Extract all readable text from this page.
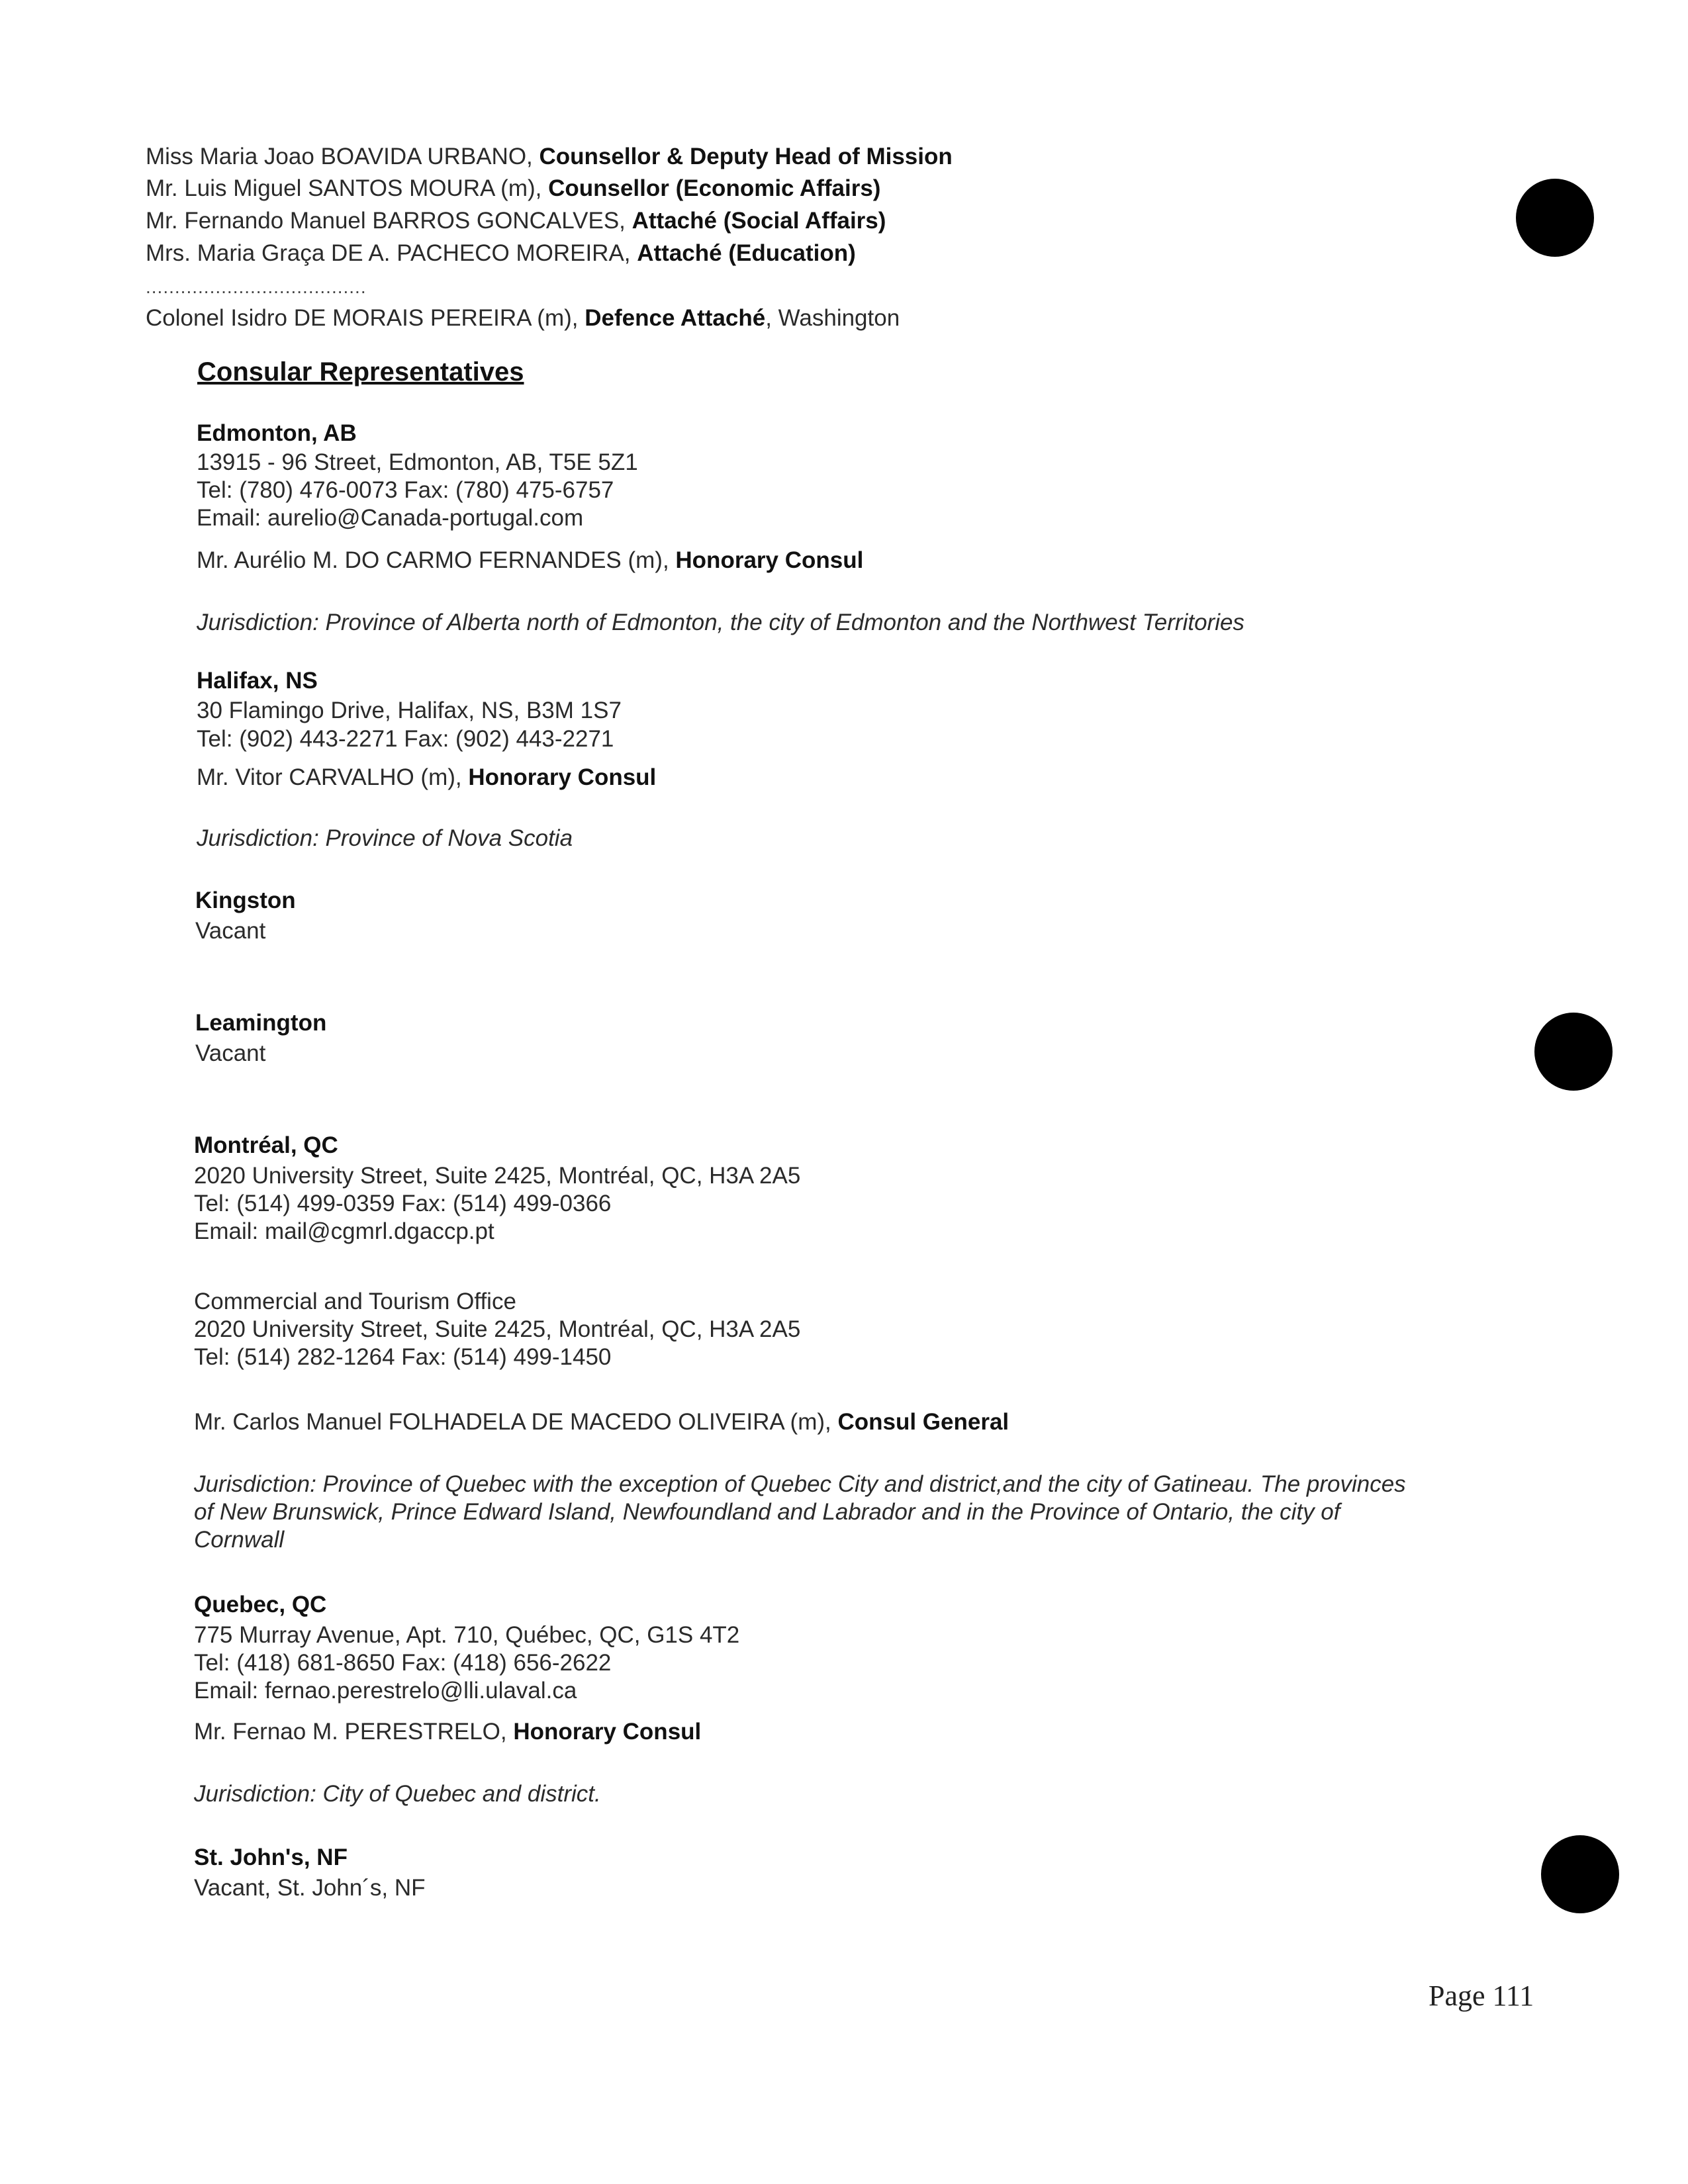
Miss Maria Joao BOAVIDA URBANO, Counsellor & Deputy Head of Mission
Mr. Luis Miguel SANTOS MOURA (m), Counsellor (Economic Affairs)
Mr. Fernando Manuel BARROS GONCALVES, Attaché (Social Affairs)
Mrs. Maria Graça DE A. PACHECO MOREIRA, Attaché (Education)
......................................
Colonel Isidro DE MORAIS PEREIRA (m), Defence Attaché, Washington
Consular Representatives
Edmonton, AB
13915 - 96 Street, Edmonton, AB, T5E 5Z1
Tel: (780) 476-0073 Fax: (780) 475-6757
Email: aurelio@Canada-portugal.com
Mr. Aurélio M. DO CARMO FERNANDES (m), Honorary Consul
Jurisdiction: Province of Alberta north of Edmonton, the city of Edmonton and the Northwest Territories
Halifax, NS
30 Flamingo Drive, Halifax, NS, B3M 1S7
Tel: (902) 443-2271 Fax: (902) 443-2271
Mr. Vitor CARVALHO (m), Honorary Consul
Jurisdiction: Province of Nova Scotia
Kingston
Vacant
Leamington
Vacant
Montréal, QC
2020 University Street, Suite 2425, Montréal, QC, H3A 2A5
Tel: (514) 499-0359 Fax: (514) 499-0366
Email: mail@cgmrl.dgaccp.pt
Commercial and Tourism Office
2020 University Street, Suite 2425, Montréal, QC, H3A 2A5
Tel: (514) 282-1264 Fax: (514) 499-1450
Mr. Carlos Manuel FOLHADELA DE MACEDO OLIVEIRA (m), Consul General
Jurisdiction: Province of Quebec with the exception of Quebec City and district,and the city of Gatineau. The provinces
of New Brunswick, Prince Edward Island, Newfoundland and Labrador and in the Province of Ontario, the city of
Cornwall
Quebec, QC
775 Murray Avenue, Apt. 710, Québec, QC, G1S 4T2
Tel: (418) 681-8650 Fax: (418) 656-2622
Email: fernao.perestrelo@lli.ulaval.ca
Mr. Fernao M. PERESTRELO, Honorary Consul
Jurisdiction: City of Quebec and district.
St. John's, NF
Vacant, St. John´s, NF
Page 111
